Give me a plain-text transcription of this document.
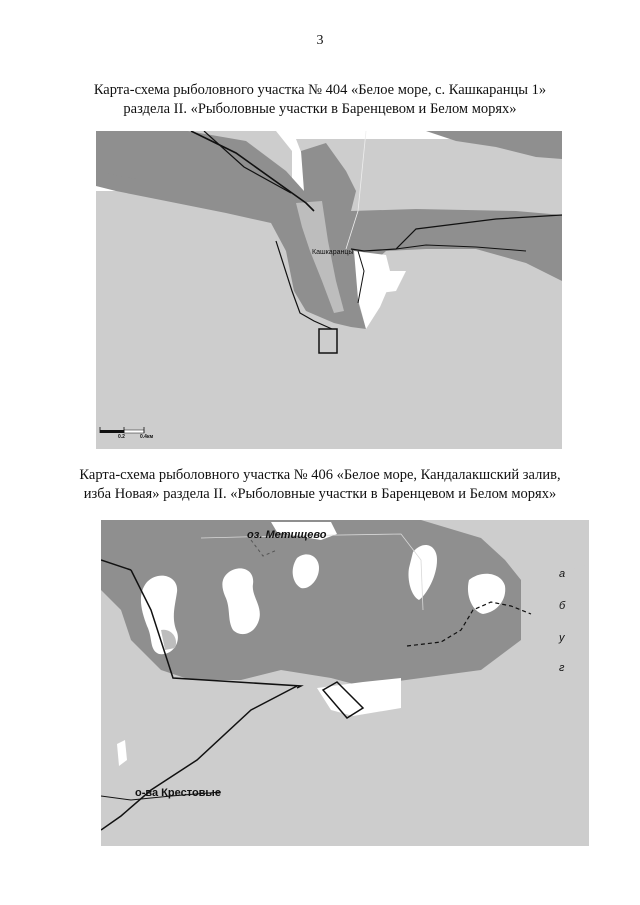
3
Карта-схема рыболовного участка № 404 «Белое море, с. Кашкаранцы 1»
раздела II. «Рыболовные участки в Баренцевом и Белом морях»
Кашкаранцы
0.2	0.4км
Карта-схема рыболовного участка № 406 «Белое море, Кандалакшский залив,
изба Новая» раздела II. «Рыболовные участки в Баренцевом и Белом морях»
оз. Метищево
о-ва Крестовые
а
б
у
г
